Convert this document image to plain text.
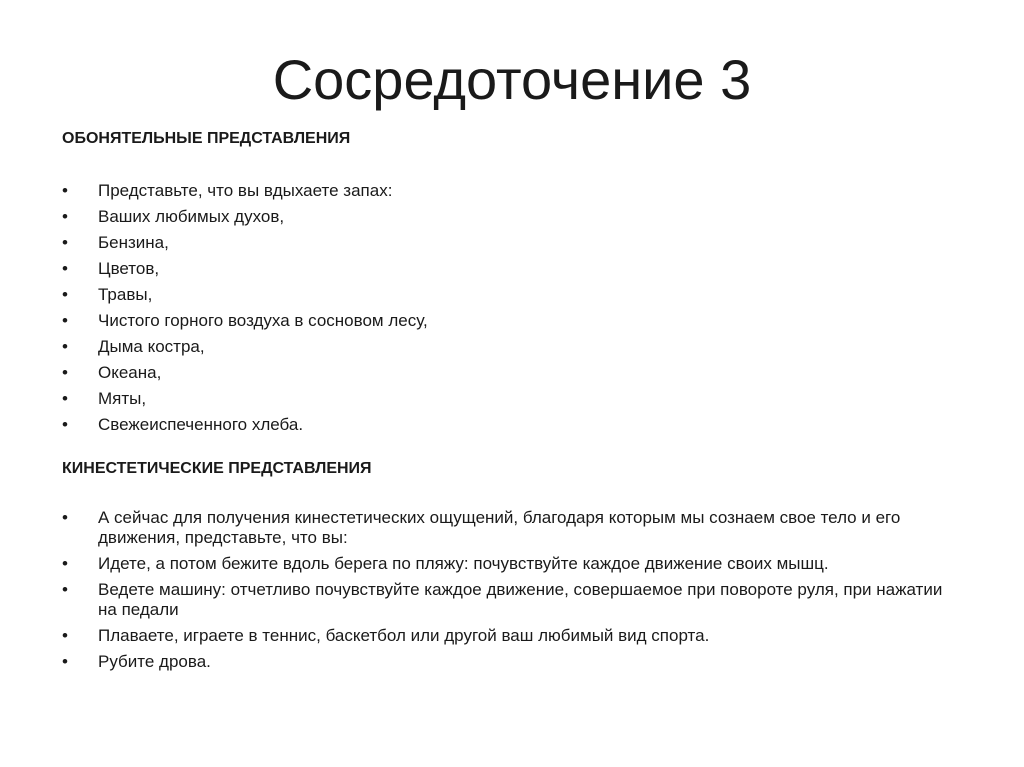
Сосредоточение 3

ОБОНЯТЕЛЬНЫЕ ПРЕДСТАВЛЕНИЯ

•	Представьте, что вы вдыхаете запах:
•	Ваших любимых духов,
•	Бензина,
•	Цветов,
•	Травы,
•	Чистого горного воздуха в сосновом лесу,
•	Дыма костра,
•	Океана,
•	Мяты,
•	Свежеиспеченного хлеба.

КИНЕСТЕТИЧЕСКИЕ ПРЕДСТАВЛЕНИЯ

•	А сейчас для получения кинестетических ощущений, благодаря которым мы сознаем свое тело и его движения, представьте, что вы:
•	Идете, а потом бежите вдоль берега по пляжу: почувствуйте каждое движение своих мышц.
•	Ведете машину: отчетливо почувствуйте каждое движение, совершаемое при повороте руля, при нажатии на педали
•	Плаваете, играете в теннис, баскетбол или другой ваш любимый вид спорта.
•	Рубите дрова.
